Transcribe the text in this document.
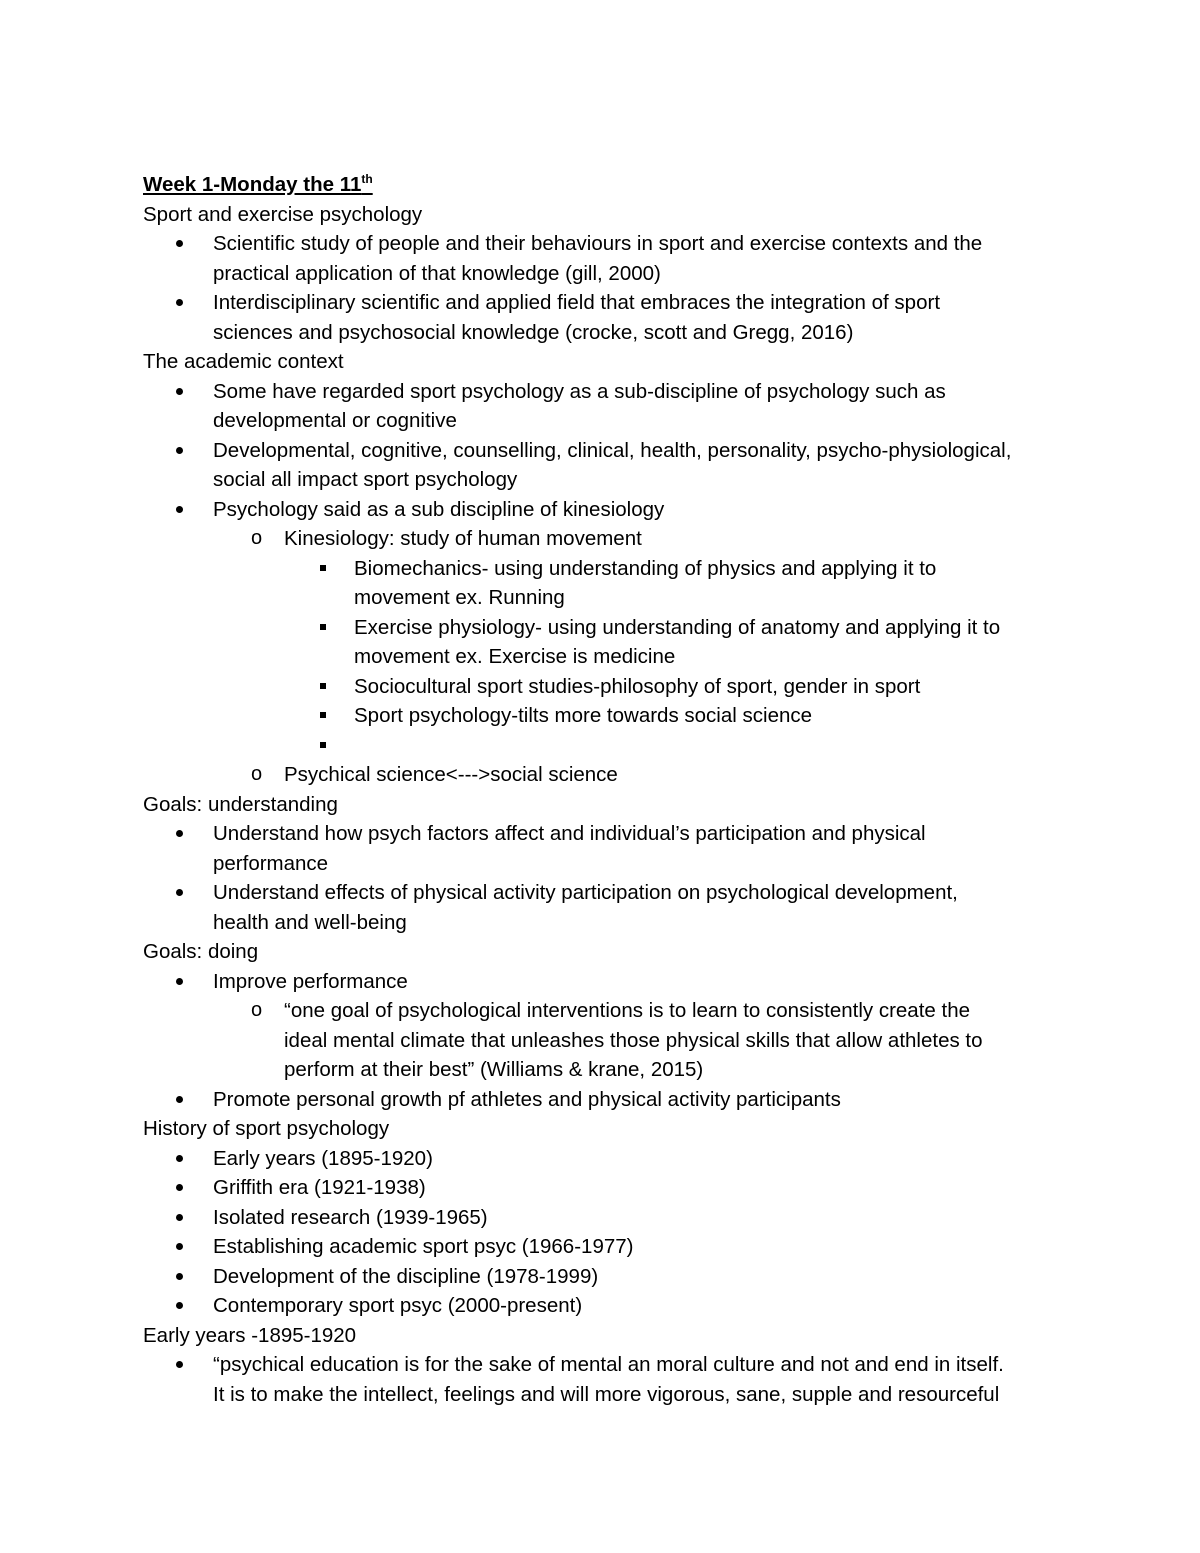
Week 1-Monday the 11th
Sport and exercise psychology
Scientific study of people and their behaviours in sport and exercise contexts and the
practical application of that knowledge (gill, 2000)
Interdisciplinary scientific and applied field that embraces the integration of sport
sciences and psychosocial knowledge (crocke, scott and Gregg, 2016)
The academic context
Some have regarded sport psychology as a sub-discipline of psychology such as
developmental or cognitive
Developmental, cognitive, counselling, clinical, health, personality, psycho-physiological,
social all impact sport psychology
Psychology said as a sub discipline of kinesiology
o Kinesiology: study of human movement
Biomechanics- using understanding of physics and applying it to
movement ex. Running
Exercise physiology- using understanding of anatomy and applying it to
movement ex. Exercise is medicine
Sociocultural sport studies-philosophy of sport, gender in sport
Sport psychology-tilts more towards social science

o Psychical science<--->social science
Goals: understanding
Understand how psych factors affect and individual’s participation and physical
performance
Understand effects of physical activity participation on psychological development,
health and well-being
Goals: doing
Improve performance
o “one goal of psychological interventions is to learn to consistently create the
ideal mental climate that unleashes those physical skills that allow athletes to
perform at their best” (Williams & krane, 2015)
Promote personal growth pf athletes and physical activity participants
History of sport psychology
Early years (1895-1920)
Griffith era (1921-1938)
Isolated research (1939-1965)
Establishing academic sport psyc (1966-1977)
Development of the discipline (1978-1999)
Contemporary sport psyc (2000-present)
Early years -1895-1920
“psychical education is for the sake of mental an moral culture and not and end in itself.
It is to make the intellect, feelings and will more vigorous, sane, supple and resourceful
